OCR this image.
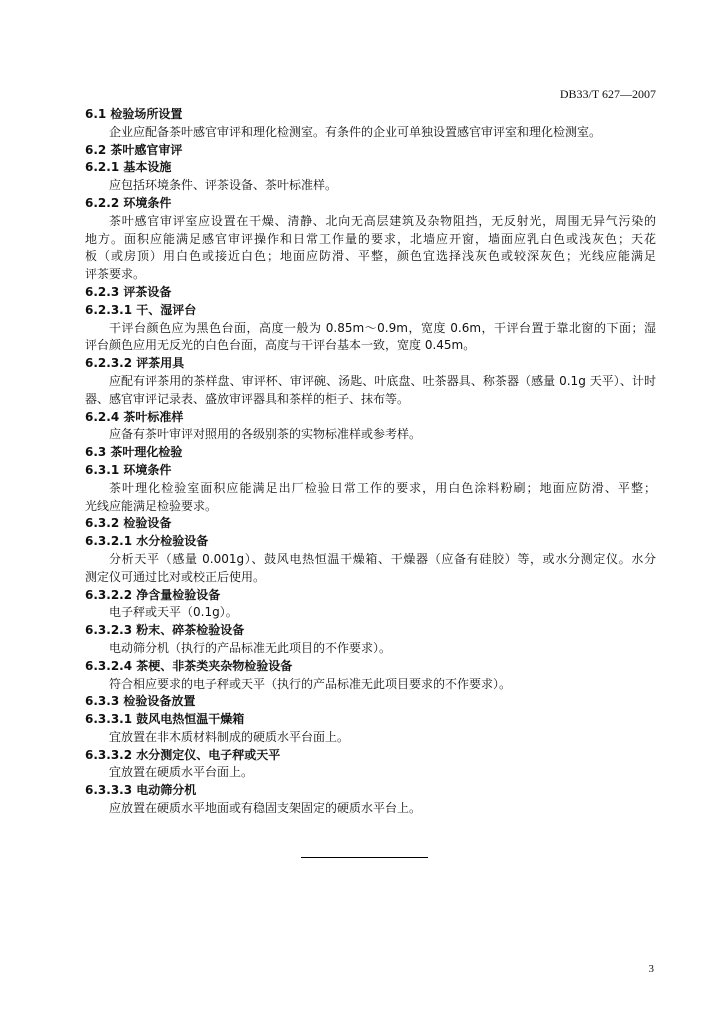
DB33/T 627—2007
6.1 检验场所设置
企业应配备茶叶感官审评和理化检测室。有条件的企业可单独设置感官审评室和理化检测室。
6.2 茶叶感官审评
6.2.1 基本设施
应包括环境条件、评茶设备、茶叶标准样。
6.2.2 环境条件
茶叶感官审评室应设置在干燥、清静、北向无高层建筑及杂物阻挡，无反射光，周围无异气污染的
地方。面积应能满足感官审评操作和日常工作量的要求，北墙应开窗，墙面应乳白色或浅灰色；天花
板（或房顶）用白色或接近白色；地面应防滑、平整，颜色宜选择浅灰色或较深灰色；光线应能满足
评茶要求。
6.2.3 评茶设备
6.2.3.1 干、湿评台
干评台颜色应为黑色台面，高度一般为 0.85m～0.9m，宽度 0.6m，干评台置于靠北窗的下面；湿
评台颜色应用无反光的白色台面，高度与干评台基本一致，宽度 0.45m。
6.2.3.2 评茶用具
应配有评茶用的茶样盘、审评杯、审评碗、汤匙、叶底盘、吐茶器具、称茶器（感量 0.1g 天平）、计时
器、感官审评记录表、盛放审评器具和茶样的柜子、抹布等。
6.2.4 茶叶标准样
应备有茶叶审评对照用的各级别茶的实物标准样或参考样。
6.3 茶叶理化检验
6.3.1 环境条件
茶叶理化检验室面积应能满足出厂检验日常工作的要求，用白色涂料粉刷；地面应防滑、平整；
光线应能满足检验要求。
6.3.2 检验设备
6.3.2.1 水分检验设备
分析天平（感量 0.001g）、鼓风电热恒温干燥箱、干燥器（应备有硅胶）等，或水分测定仪。水分
测定仪可通过比对或校正后使用。
6.3.2.2 净含量检验设备
电子秤或天平（0.1g）。
6.3.2.3 粉末、碎茶检验设备
电动筛分机（执行的产品标准无此项目的不作要求）。
6.3.2.4 茶梗、非茶类夹杂物检验设备
符合相应要求的电子秤或天平（执行的产品标准无此项目要求的不作要求）。
6.3.3 检验设备放置
6.3.3.1 鼓风电热恒温干燥箱
宜放置在非木质材料制成的硬质水平台面上。
6.3.3.2 水分测定仪、电子秤或天平
宜放置在硬质水平台面上。
6.3.3.3 电动筛分机
应放置在硬质水平地面或有稳固支架固定的硬质水平台上。
3
